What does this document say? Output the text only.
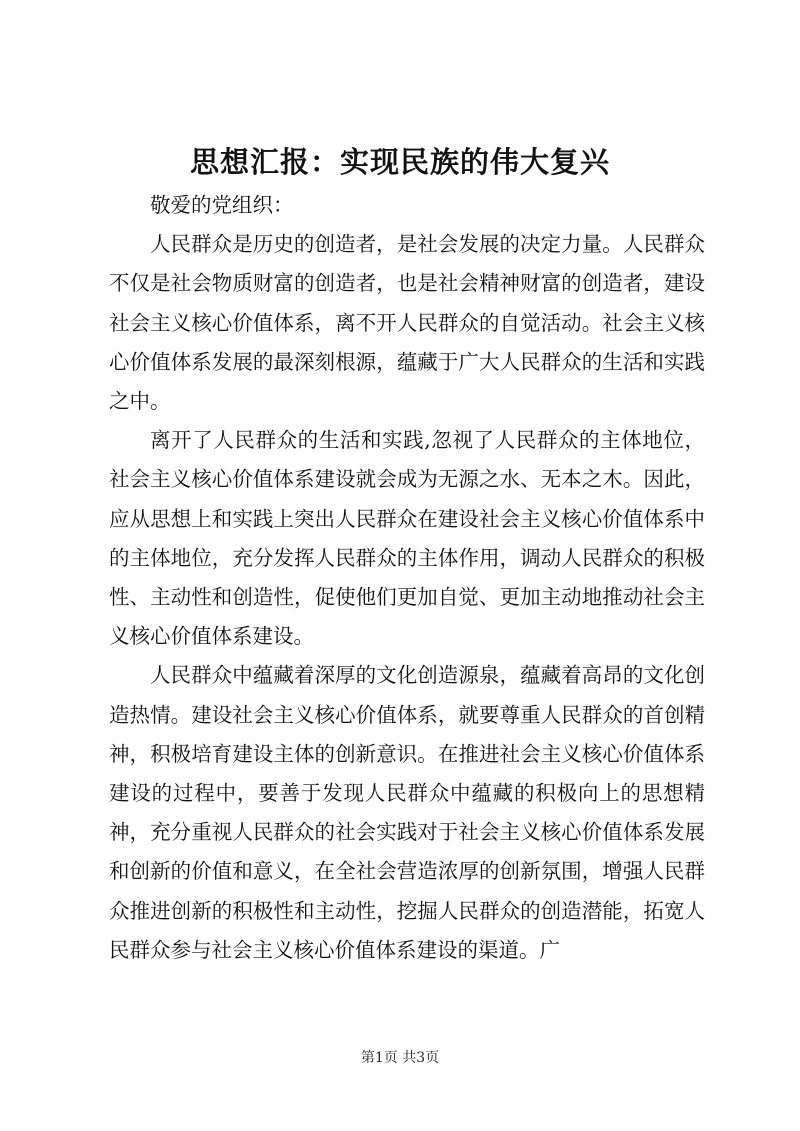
思想汇报：实现民族的伟大复兴

敬爱的党组织：

人民群众是历史的创造者，是社会发展的决定力量。人民群众不仅是社会物质财富的创造者，也是社会精神财富的创造者，建设社会主义核心价值体系，离不开人民群众的自觉活动。社会主义核心价值体系发展的最深刻根源，蕴藏于广大人民群众的生活和实践之中。

离开了人民群众的生活和实践,忽视了人民群众的主体地位，社会主义核心价值体系建设就会成为无源之水、无本之木。因此，应从思想上和实践上突出人民群众在建设社会主义核心价值体系中的主体地位，充分发挥人民群众的主体作用，调动人民群众的积极性、主动性和创造性，促使他们更加自觉、更加主动地推动社会主义核心价值体系建设。

人民群众中蕴藏着深厚的文化创造源泉，蕴藏着高昂的文化创造热情。建设社会主义核心价值体系，就要尊重人民群众的首创精神，积极培育建设主体的创新意识。在推进社会主义核心价值体系建设的过程中，要善于发现人民群众中蕴藏的积极向上的思想精神，充分重视人民群众的社会实践对于社会主义核心价值体系发展和创新的价值和意义，在全社会营造浓厚的创新氛围，增强人民群众推进创新的积极性和主动性，挖掘人民群众的创造潜能，拓宽人民群众参与社会主义核心价值体系建设的渠道。广

第1页 共3页
